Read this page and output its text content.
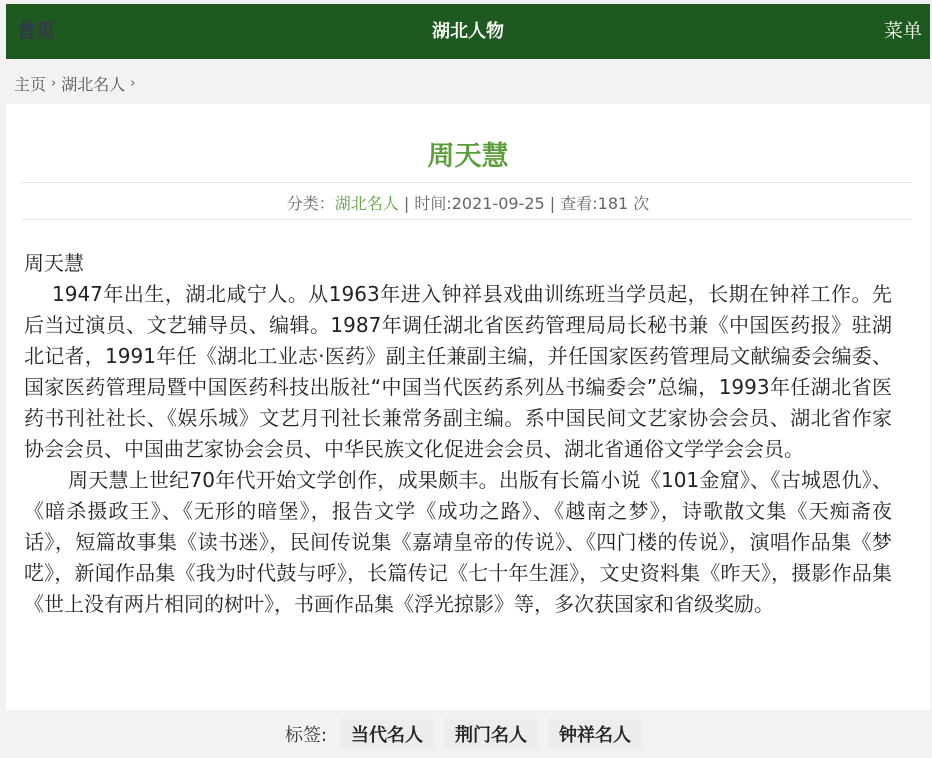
首页	湖北人物	菜单
主页 › 湖北名人 ›
周天慧
分类：湖北名人 | 时间:2021-09-25 | 查看:181 次

周天慧

1947年出生，湖北咸宁人。从1963年进入钟祥县戏曲训练班当学员起，长期在钟祥工作。先后当过演员、文艺辅导员、编辑。1987年调任湖北省医药管理局局长秘书兼《中国医药报》驻湖北记者，1991年任《湖北工业志·医药》副主任兼副主编，并任国家医药管理局文献编委会编委、国家医药管理局暨中国医药科技出版社“中国当代医药系列丛书编委会”总编，1993年任湖北省医药书刊社社长、《娱乐城》文艺月刊社长兼常务副主编。系中国民间文艺家协会会员、湖北省作家协会会员、中国曲艺家协会会员、中华民族文化促进会会员、湖北省通俗文学学会会员。

周天慧上世纪70年代开始文学创作，成果颇丰。出版有长篇小说《101金窟》、《古城恩仇》、《暗杀摄政王》、《无形的暗堡》，报告文学《成功之路》、《越南之梦》，诗歌散文集《天痴斋夜话》，短篇故事集《读书迷》，民间传说集《嘉靖皇帝的传说》、《四门楼的传说》，演唱作品集《梦呓》，新闻作品集《我为时代鼓与呼》，长篇传记《七十年生涯》，文史资料集《昨天》，摄影作品集《世上没有两片相同的树叶》，书画作品集《浮光掠影》等，多次获国家和省级奖励。

标签:	当代名人	荆门名人	钟祥名人
